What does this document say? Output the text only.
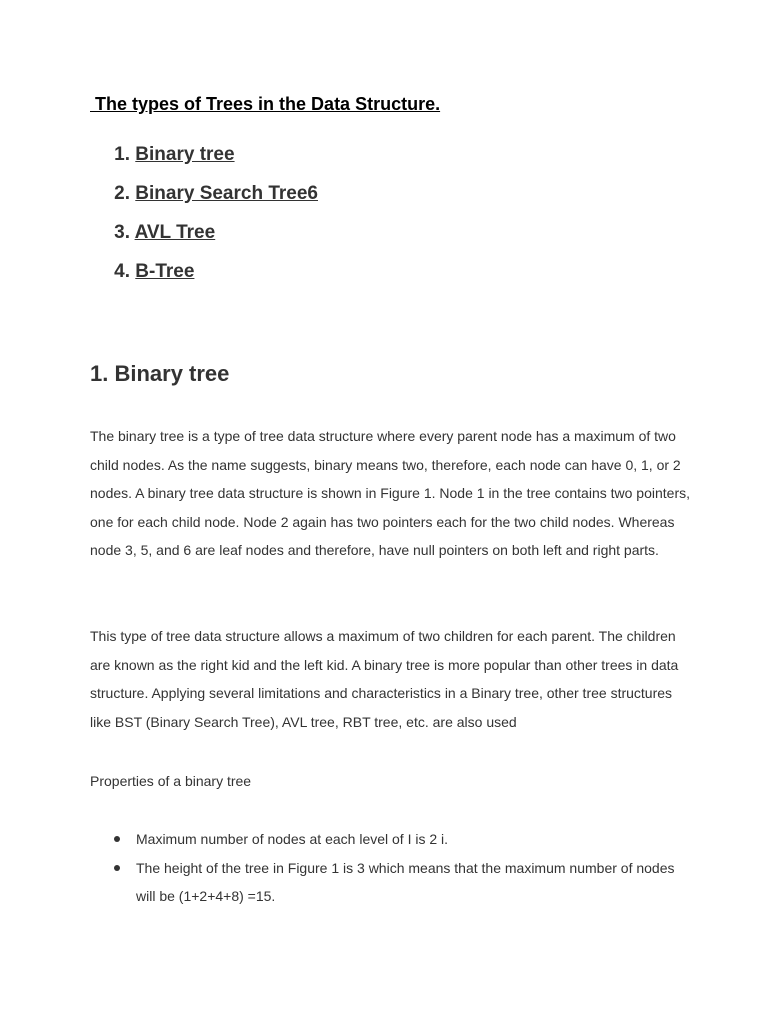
The types of Trees in the Data Structure.
1. Binary tree
2. Binary Search Tree6
3. AVL Tree
4. B-Tree
1. Binary tree

The binary tree is a type of tree data structure where every parent node has a maximum of two child nodes. As the name suggests, binary means two, therefore, each node can have 0, 1, or 2 nodes. A binary tree data structure is shown in Figure 1. Node 1 in the tree contains two pointers, one for each child node. Node 2 again has two pointers each for the two child nodes. Whereas node 3, 5, and 6 are leaf nodes and therefore, have null pointers on both left and right parts.

This type of tree data structure allows a maximum of two children for each parent. The children are known as the right kid and the left kid. A binary tree is more popular than other trees in data structure. Applying several limitations and characteristics in a Binary tree, other tree structures like BST (Binary Search Tree), AVL tree, RBT tree, etc. are also used

Properties of a binary tree

Maximum number of nodes at each level of I is 2 i.
The height of the tree in Figure 1 is 3 which means that the maximum number of nodes will be (1+2+4+8) =15.
